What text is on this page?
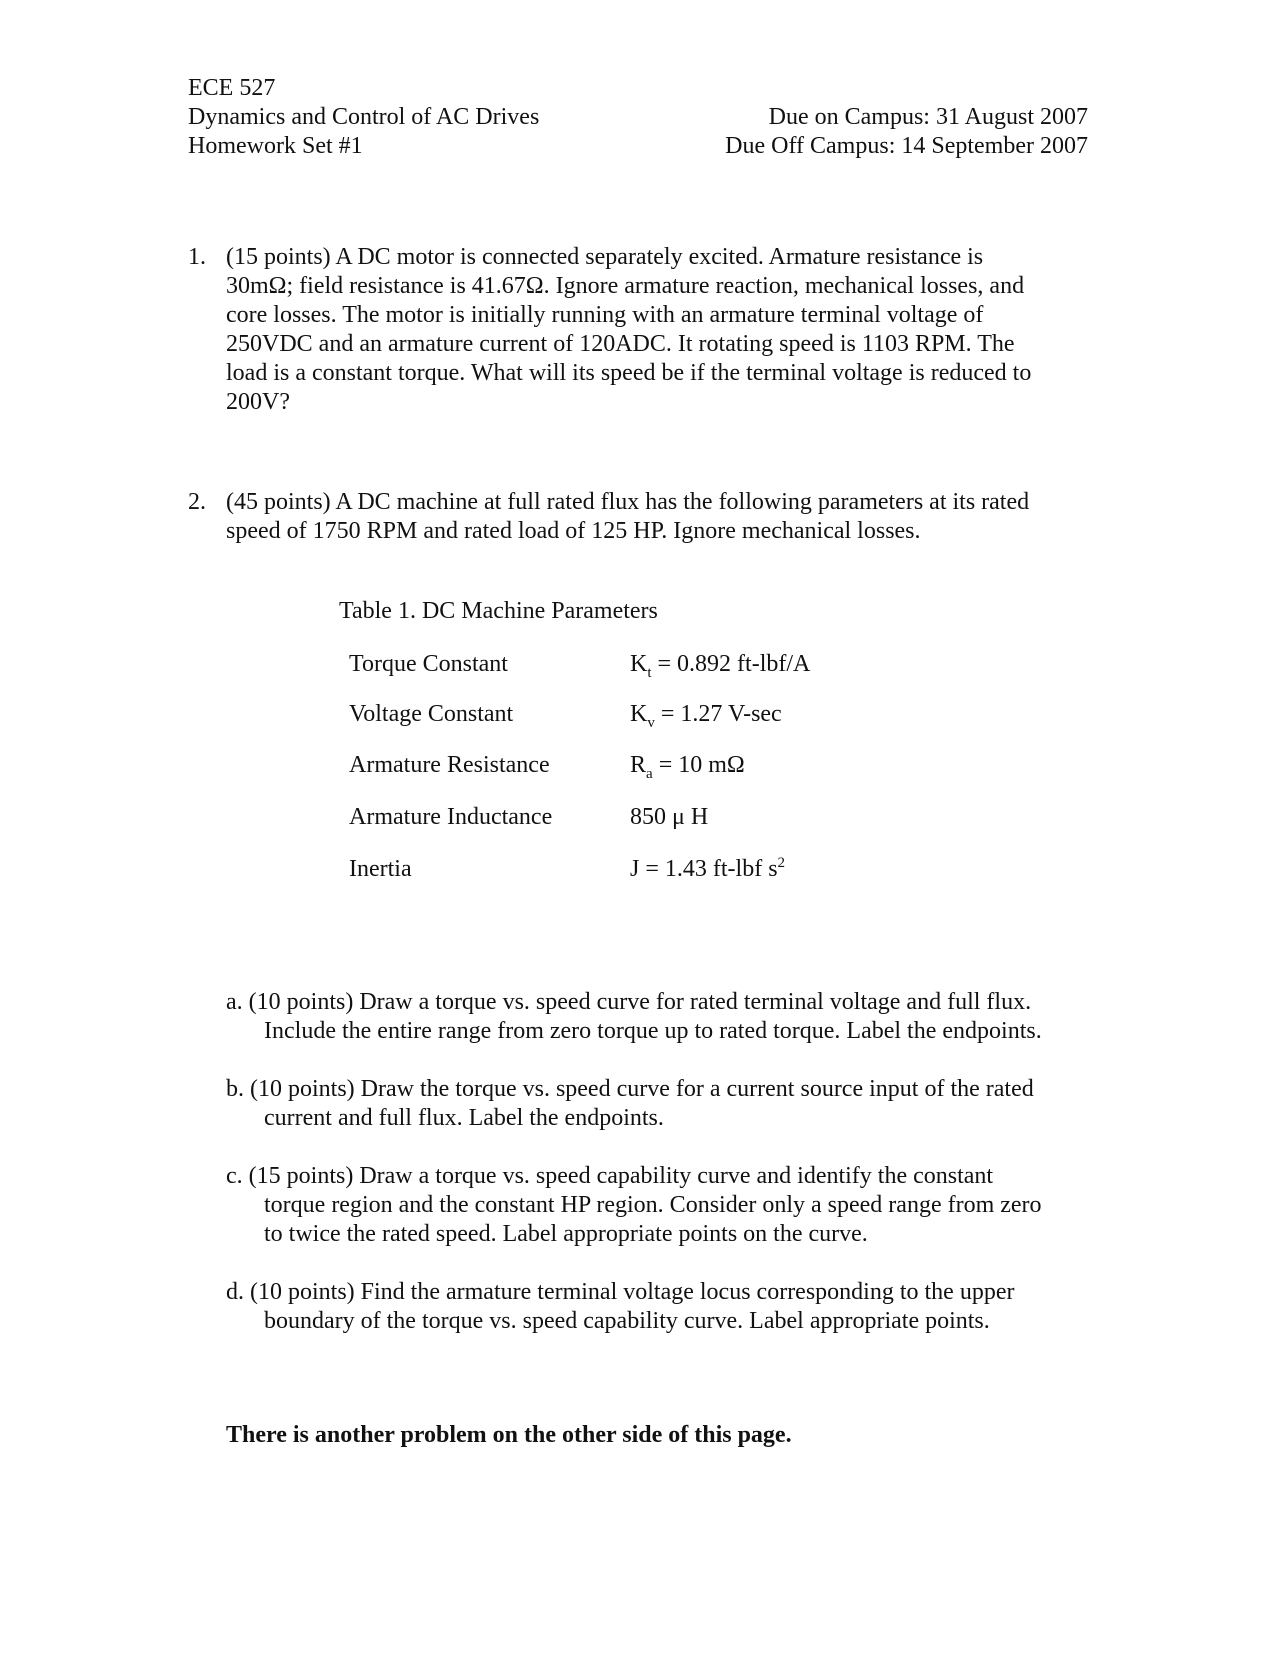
ECE 527
Dynamics and Control of AC Drives
Homework Set #1
Due on Campus: 31 August 2007
Due Off Campus: 14 September 2007
1. (15 points) A DC motor is connected separately excited. Armature resistance is
30mΩ; field resistance is 41.67Ω. Ignore armature reaction, mechanical losses, and
core losses. The motor is initially running with an armature terminal voltage of
250VDC and an armature current of 120ADC. It rotating speed is 1103 RPM. The
load is a constant torque. What will its speed be if the terminal voltage is reduced to
200V?
2. (45 points) A DC machine at full rated flux has the following parameters at its rated
speed of 1750 RPM and rated load of 125 HP. Ignore mechanical losses.
Table 1. DC Machine Parameters
Torque Constant	$K_t = 0.892$ ft-lbf/A
Voltage Constant	$K_v = 1.27$ V-sec
Armature Resistance	$R_a = 10$ mΩ
Armature Inductance	850 μ H
Inertia	J = 1.43 ft-lbf $s^2$
a. (10 points) Draw a torque vs. speed curve for rated terminal voltage and full flux.
Include the entire range from zero torque up to rated torque. Label the endpoints.
b. (10 points) Draw the torque vs. speed curve for a current source input of the rated
current and full flux. Label the endpoints.
c. (15 points) Draw a torque vs. speed capability curve and identify the constant
torque region and the constant HP region. Consider only a speed range from zero
to twice the rated speed. Label appropriate points on the curve.
d. (10 points) Find the armature terminal voltage locus corresponding to the upper
boundary of the torque vs. speed capability curve. Label appropriate points.
There is another problem on the other side of this page.
